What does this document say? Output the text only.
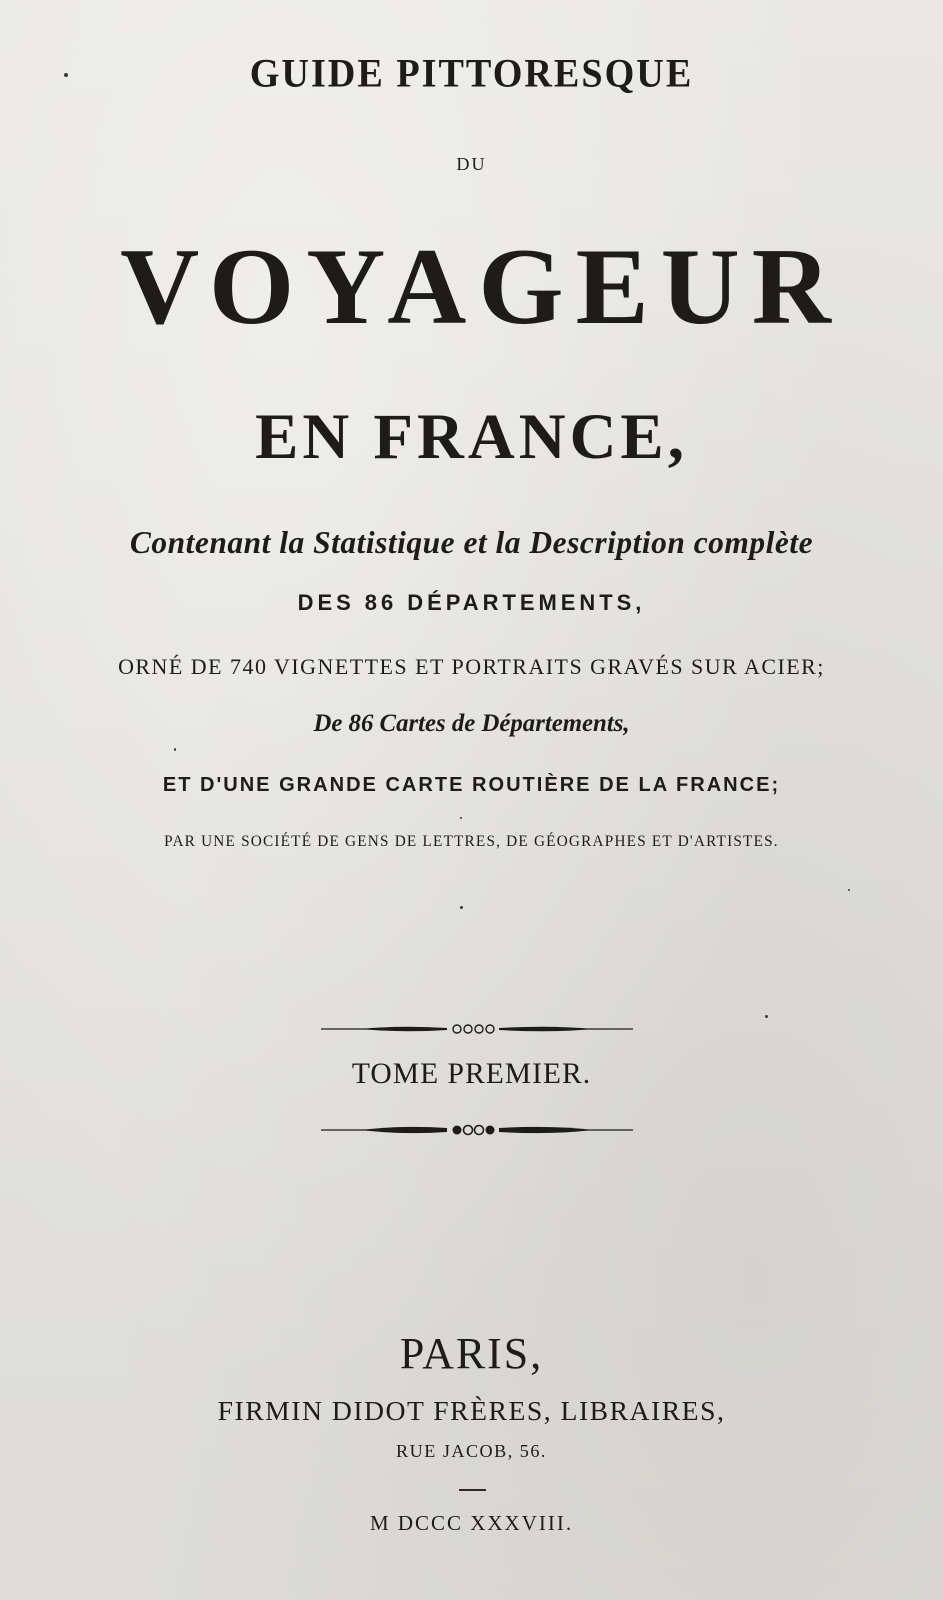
GUIDE PITTORESQUE
DU
VOYAGEUR
EN FRANCE,
Contenant la Statistique et la Description complète
DES 86 DÉPARTEMENTS,
ORNÉ DE 740 VIGNETTES ET PORTRAITS GRAVÉS SUR ACIER;
De 86 Cartes de Départements,
ET D'UNE GRANDE CARTE ROUTIÈRE DE LA FRANCE;
PAR UNE SOCIÉTÉ DE GENS DE LETTRES, DE GÉOGRAPHES ET D'ARTISTES.
TOME PREMIER.
PARIS,
FIRMIN DIDOT FRÈRES, LIBRAIRES,
RUE JACOB, 56.
M DCCC XXXVIII.
